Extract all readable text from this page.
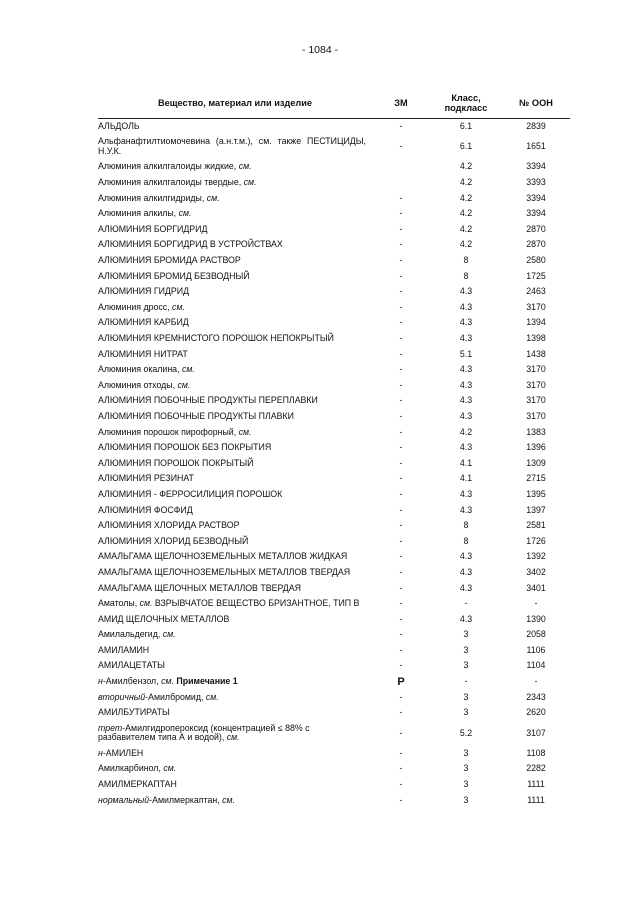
- 1084 -
Вещество, материал или изделие	ЗМ	Класс,
подкласс	№ ООН
АЛЬДОЛЬ	-	6.1	2839
Альфанафтилтиомочевина (а.н.т.м.), см. также ПЕСТИЦИДЫ, Н.У.К.	-	6.1	1651
Алюминия алкилгалоиды жидкие, см.		4.2	3394
Алюминия алкилгалоиды твердые, см.		4.2	3393
Алюминия алкилгидриды, см.	-	4.2	3394
Алюминия алкилы, см.	-	4.2	3394
АЛЮМИНИЯ БОРГИДРИД	-	4.2	2870
АЛЮМИНИЯ БОРГИДРИД В УСТРОЙСТВАХ	-	4.2	2870
АЛЮМИНИЯ БРОМИДА РАСТВОР	-	8	2580
АЛЮМИНИЯ БРОМИД БЕЗВОДНЫЙ	-	8	1725
АЛЮМИНИЯ ГИДРИД	-	4.3	2463
Алюминия дросс, см.	-	4.3	3170
АЛЮМИНИЯ КАРБИД	-	4.3	1394
АЛЮМИНИЯ КРЕМНИСТОГО ПОРОШОК НЕПОКРЫТЫЙ	-	4.3	1398
АЛЮМИНИЯ НИТРАТ	-	5.1	1438
Алюминия окалина, см.	-	4.3	3170
Алюминия отходы, см.	-	4.3	3170
АЛЮМИНИЯ ПОБОЧНЫЕ ПРОДУКТЫ ПЕРЕПЛАВКИ	-	4.3	3170
АЛЮМИНИЯ ПОБОЧНЫЕ ПРОДУКТЫ ПЛАВКИ	-	4.3	3170
Алюминия порошок пирофорный, см.	-	4.2	1383
АЛЮМИНИЯ ПОРОШОК БЕЗ ПОКРЫТИЯ	-	4.3	1396
АЛЮМИНИЯ ПОРОШОК ПОКРЫТЫЙ	-	4.1	1309
АЛЮМИНИЯ РЕЗИНАТ	-	4.1	2715
АЛЮМИНИЯ - ФЕРРОСИЛИЦИЯ ПОРОШОК	-	4.3	1395
АЛЮМИНИЯ ФОСФИД	-	4.3	1397
АЛЮМИНИЯ ХЛОРИДА РАСТВОР	-	8	2581
АЛЮМИНИЯ ХЛОРИД БЕЗВОДНЫЙ	-	8	1726
АМАЛЬГАМА ЩЕЛОЧНОЗЕМЕЛЬНЫХ МЕТАЛЛОВ ЖИДКАЯ	-	4.3	1392
АМАЛЬГАМА ЩЕЛОЧНОЗЕМЕЛЬНЫХ МЕТАЛЛОВ ТВЕРДАЯ	-	4.3	3402
АМАЛЬГАМА ЩЕЛОЧНЫХ МЕТАЛЛОВ ТВЕРДАЯ	-	4.3	3401
Аматолы, см. ВЗРЫВЧАТОЕ ВЕЩЕСТВО БРИЗАНТНОЕ, ТИП В	-	-	-
АМИД ЩЕЛОЧНЫХ МЕТАЛЛОВ	-	4.3	1390
Амилальдегид, см.	-	3	2058
АМИЛАМИН	-	3	1106
АМИЛАЦЕТАТЫ	-	3	1104
н-Амилбензол, см. Примечание 1	P	-	-
вторичный-Амилбромид, см.	-	3	2343
АМИЛБУТИРАТЫ	-	3	2620
трет-Амилгидропероксид (концентрацией ≤ 88% с разбавителем типа А и водой), см.	-	5.2	3107
н-АМИЛЕН	-	3	1108
Амилкарбинол, см.	-	3	2282
АМИЛМЕРКАПТАН	-	3	1111
нормальный-Амилмеркаптан, см.	-	3	1111
